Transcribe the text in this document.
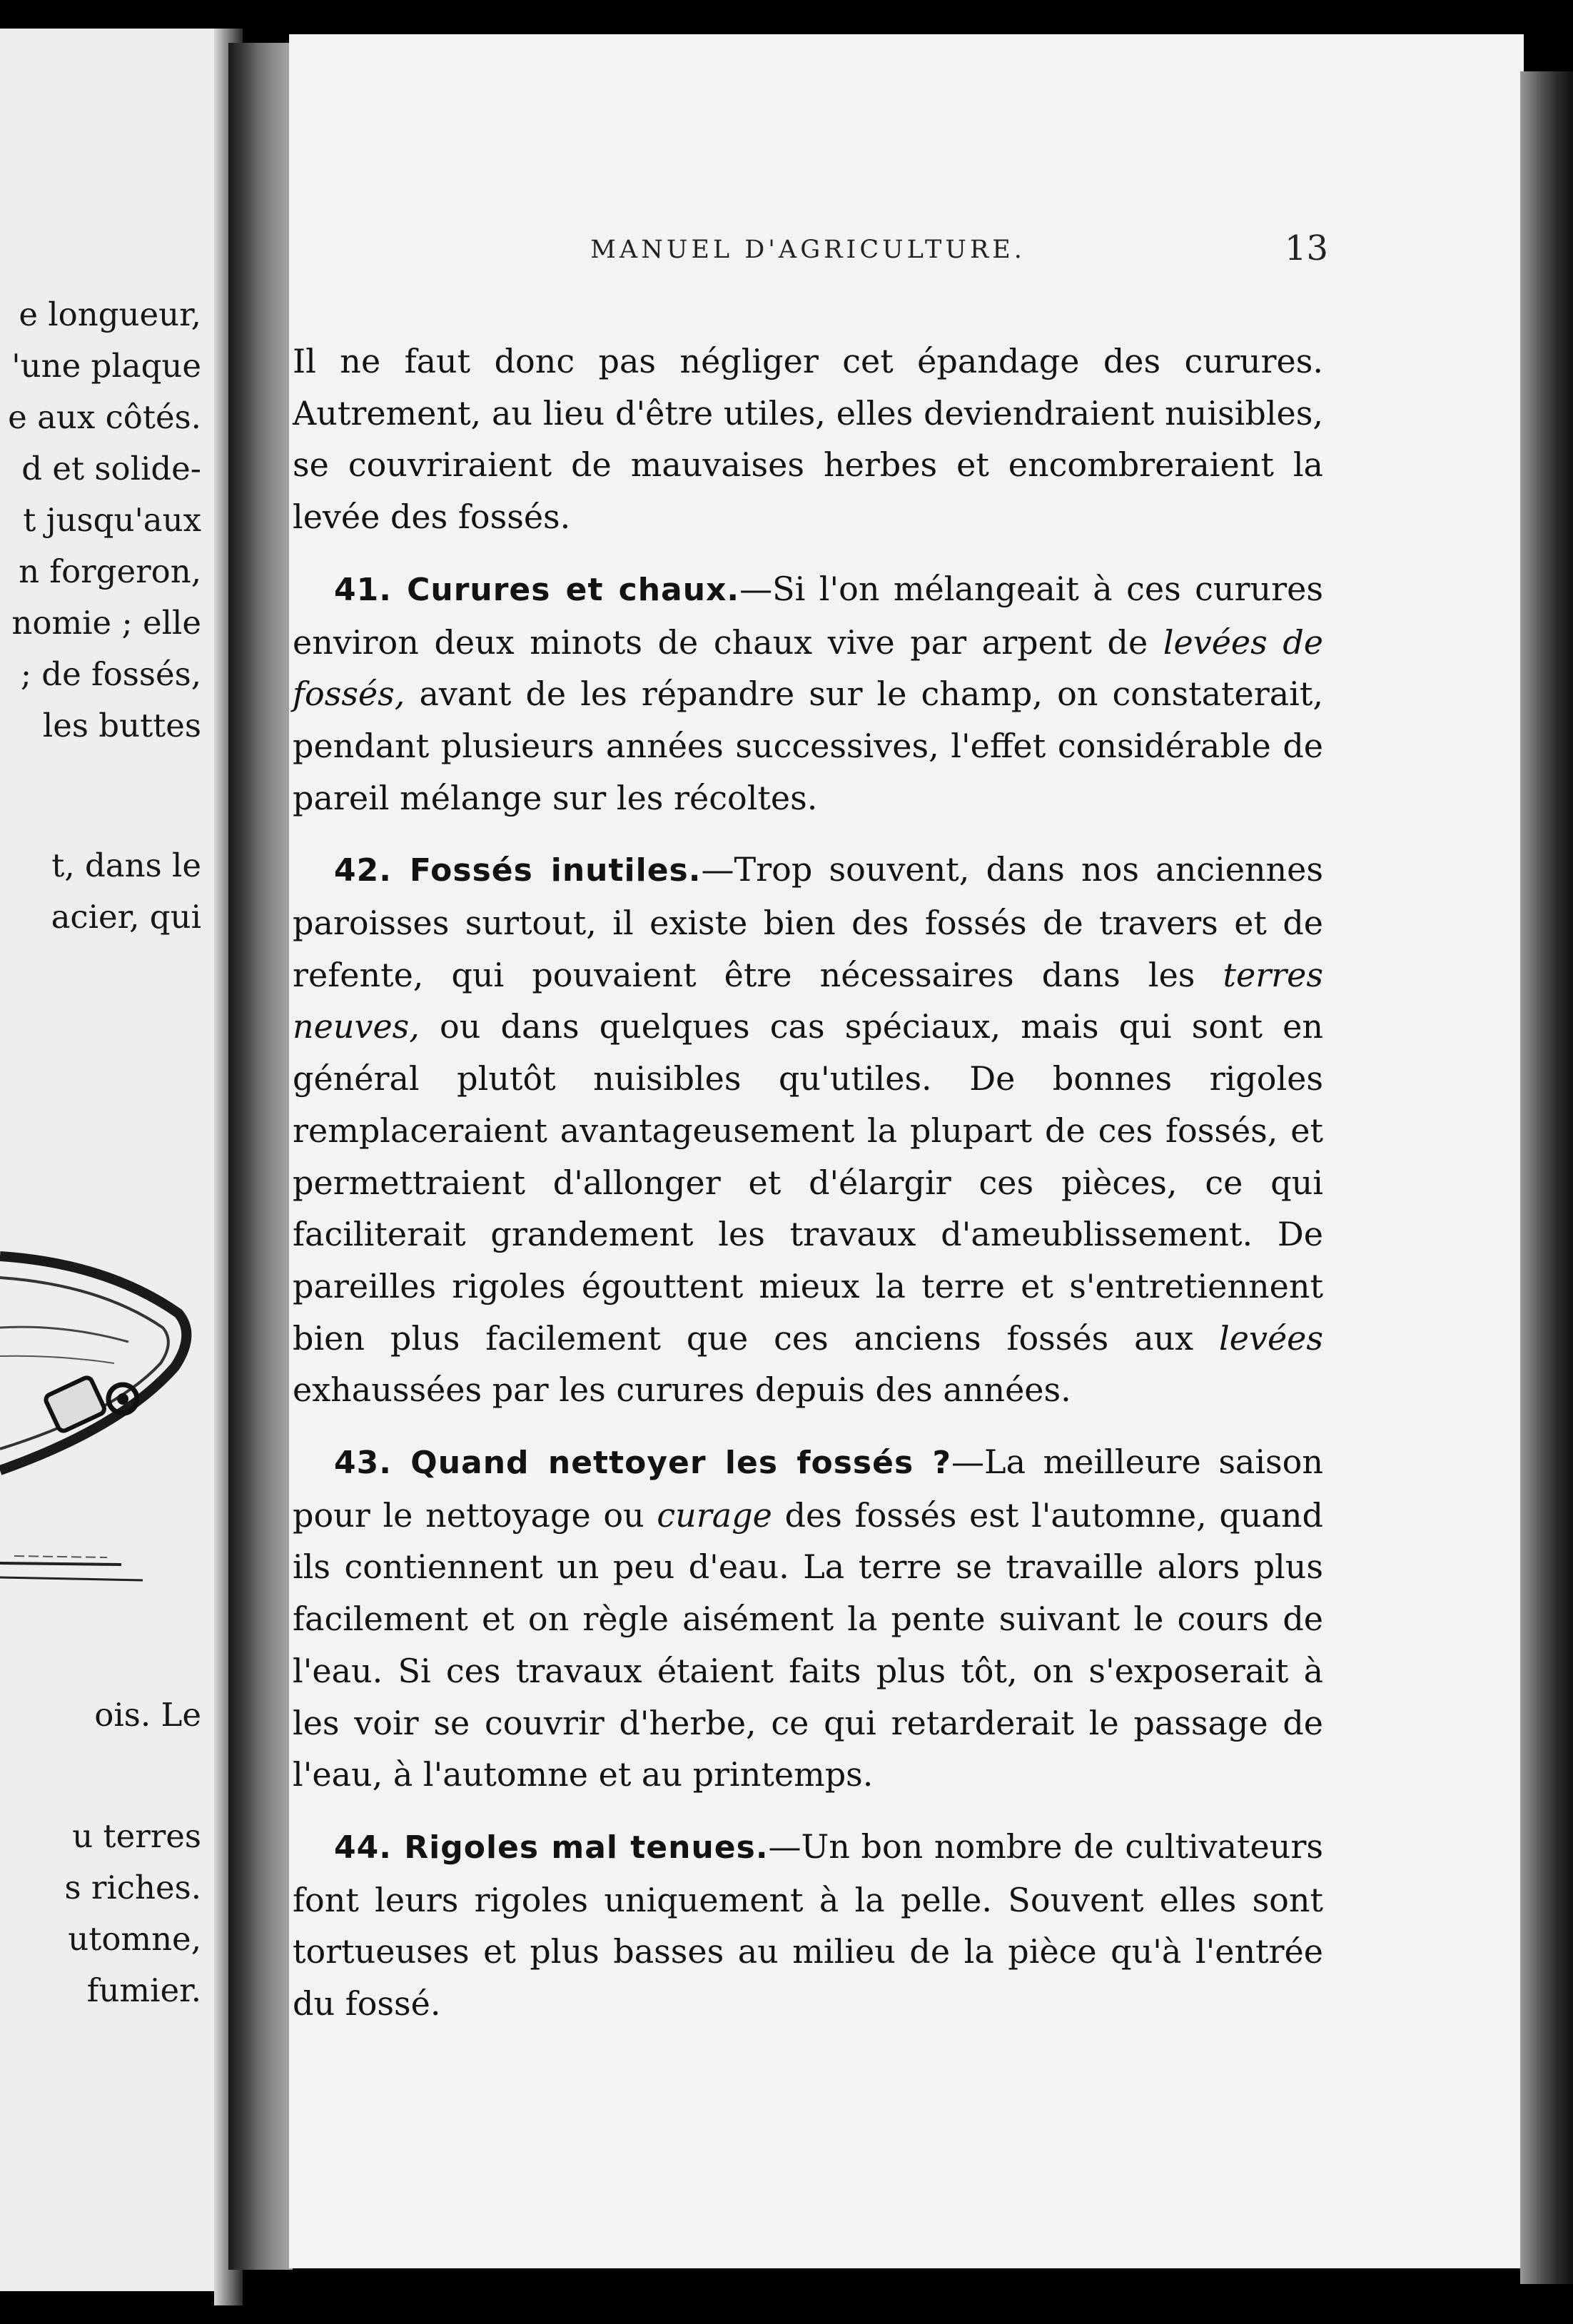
e longueur,
'une plaque
e aux côtés.
d et solide-
t jusqu'aux
n forgeron,
nomie ; elle
; de fossés,
les buttes
t, dans le
acier, qui
ois. Le
u terres
s riches.
utomne,
fumier.
MANUEL D'AGRICULTURE.	13

Il ne faut donc pas négliger cet épandage des curures. Autrement, au lieu d'être utiles, elles deviendraient nuisibles, se couvriraient de mauvaises herbes et encombreraient la levée des fossés.

41. Curures et chaux.—Si l'on mélangeait à ces curures environ deux minots de chaux vive par arpent de levées de fossés, avant de les répandre sur le champ, on constaterait, pendant plusieurs années successives, l'effet considérable de pareil mélange sur les récoltes.

42. Fossés inutiles.—Trop souvent, dans nos anciennes paroisses surtout, il existe bien des fossés de travers et de refente, qui pouvaient être nécessaires dans les terres neuves, ou dans quelques cas spéciaux, mais qui sont en général plutôt nuisibles qu'utiles. De bonnes rigoles remplaceraient avantageusement la plupart de ces fossés, et permettraient d'allonger et d'élargir ces pièces, ce qui faciliterait grandement les travaux d'ameublissement. De pareilles rigoles égouttent mieux la terre et s'entretiennent bien plus facilement que ces anciens fossés aux levées exhaussées par les curures depuis des années.

43. Quand nettoyer les fossés ?—La meilleure saison pour le nettoyage ou curage des fossés est l'automne, quand ils contiennent un peu d'eau. La terre se travaille alors plus facilement et on règle aisément la pente suivant le cours de l'eau. Si ces travaux étaient faits plus tôt, on s'exposerait à les voir se couvrir d'herbe, ce qui retarderait le passage de l'eau, à l'automne et au printemps.

44. Rigoles mal tenues.—Un bon nombre de cultivateurs font leurs rigoles uniquement à la pelle. Souvent elles sont tortueuses et plus basses au milieu de la pièce qu'à l'entrée du fossé.
